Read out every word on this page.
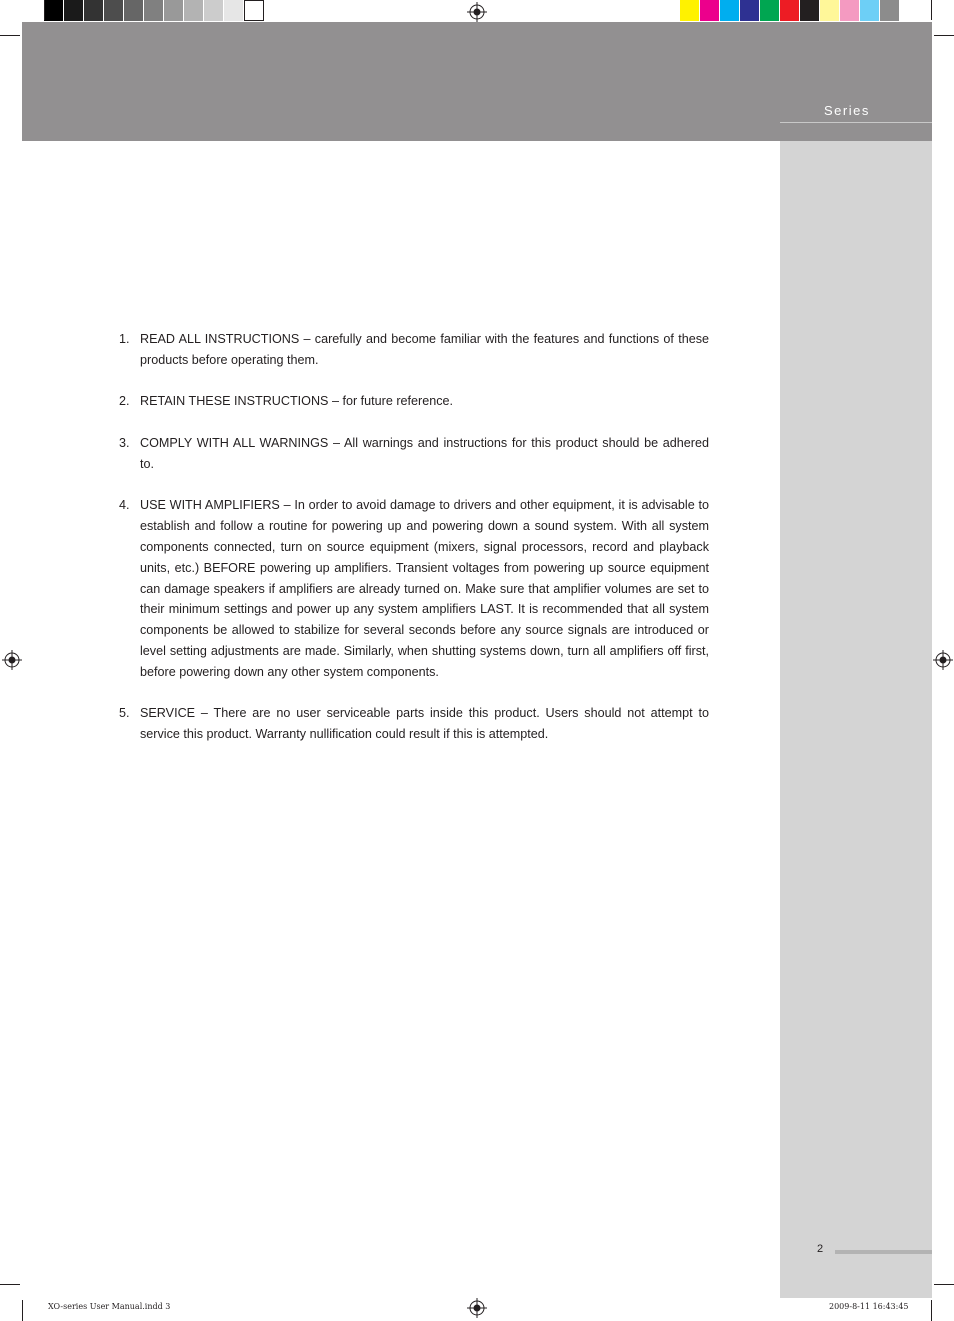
Series
1. READ ALL INSTRUCTIONS – carefully and become familiar with the features and functions of these products before operating them.
2. RETAIN THESE INSTRUCTIONS – for future reference.
3. COMPLY WITH ALL WARNINGS – All warnings and instructions for this product should be adhered to.
4. USE WITH AMPLIFIERS – In order to avoid damage to drivers and other equipment, it is advisable to establish and follow a routine for powering up and powering down a sound system. With all system components connected, turn on source equipment (mixers, signal processors, record and playback units, etc.) BEFORE powering up amplifiers. Transient voltages from powering up source equipment can damage speakers if amplifiers are already turned on. Make sure that amplifier volumes are set to their minimum settings and power up any system amplifiers LAST. It is recommended that all system components be allowed to stabilize for several seconds before any source signals are introduced or level setting adjustments are made. Similarly, when shutting systems down, turn all amplifiers off first, before powering down any other system components.
5. SERVICE – There are no user serviceable parts inside this product. Users should not attempt to service this product. Warranty nullification could result if this is attempted.
2
XO-series User Manual.indd 3	2009-8-11 16:43:45
